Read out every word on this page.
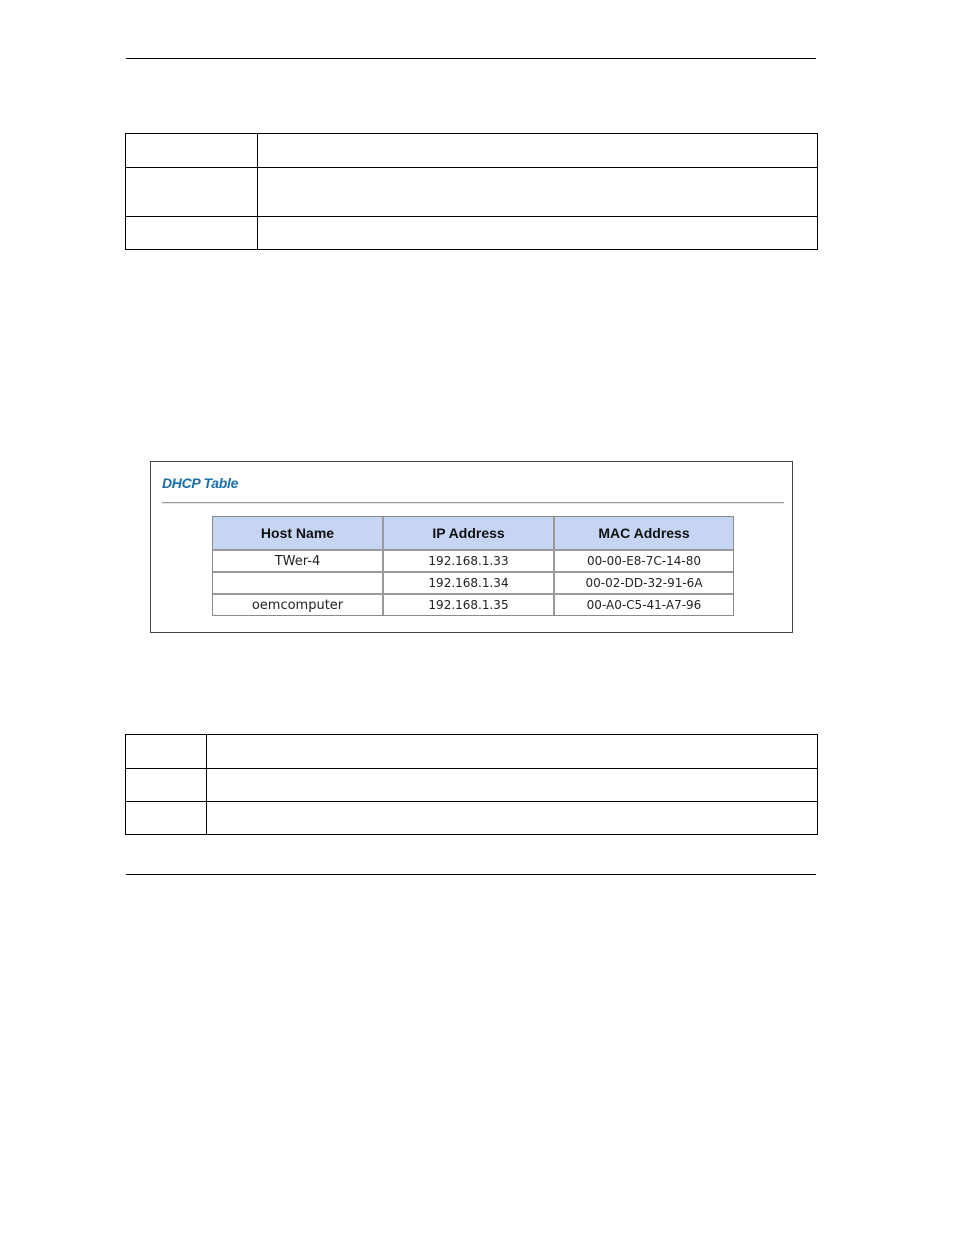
DHCP Table
Host Name	IP Address	MAC Address
TWer-4	192.168.1.33	00-00-E8-7C-14-80
	192.168.1.34	00-02-DD-32-91-6A
oemcomputer	192.168.1.35	00-A0-C5-41-A7-96
